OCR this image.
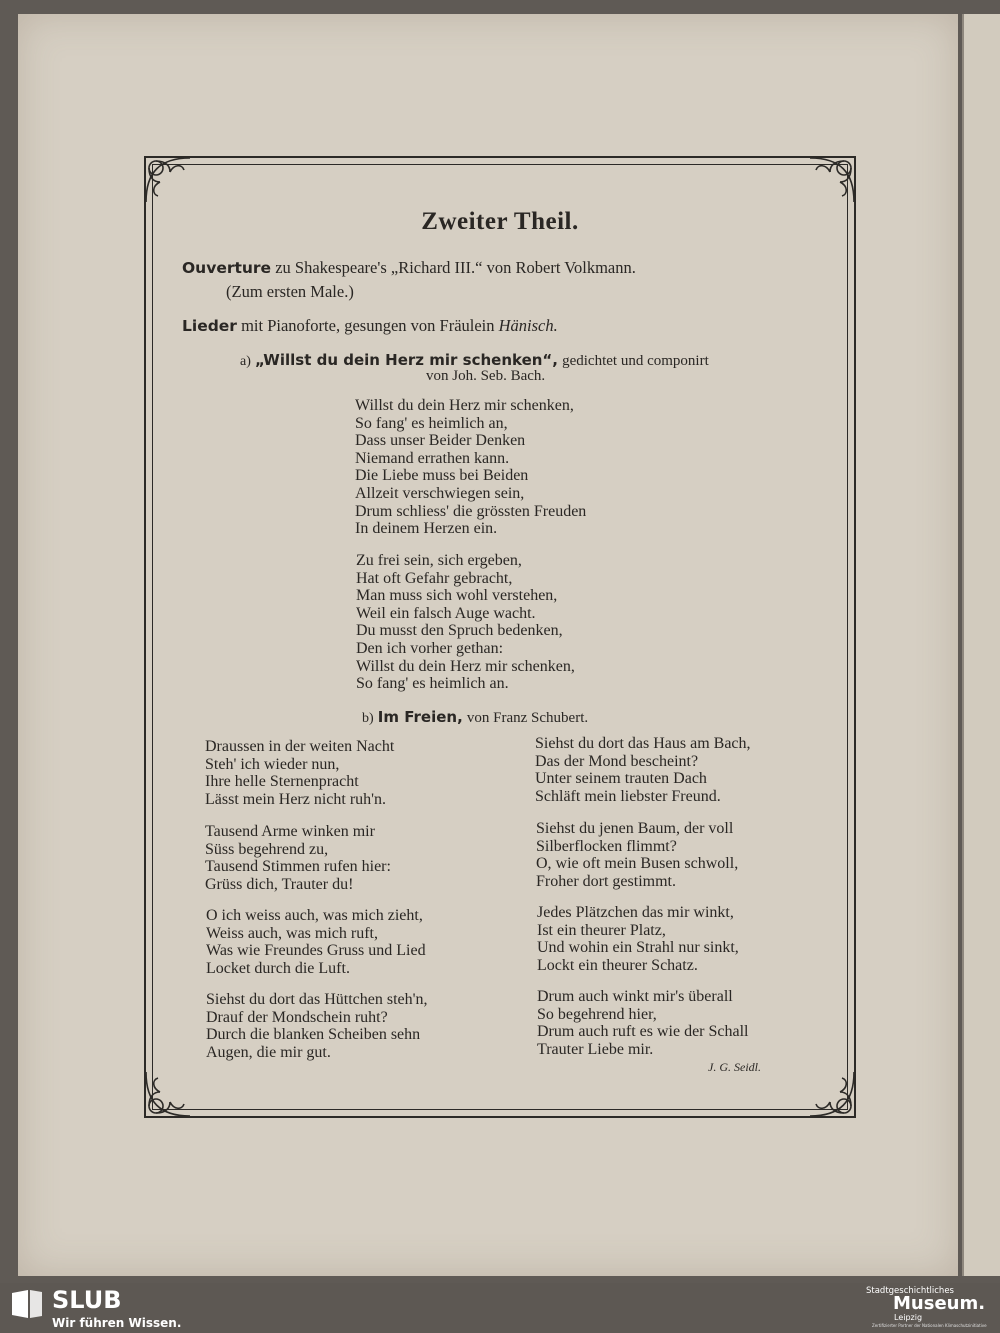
Zweiter Theil.
Ouverture zu Shakespeare's „Richard III.“ von Robert Volkmann.
(Zum ersten Male.)
Lieder mit Pianoforte, gesungen von Fräulein Hänisch.
a) „Willst du dein Herz mir schenken“, gedichtet und componirt
von Joh. Seb. Bach.
Willst du dein Herz mir schenken,
So fang' es heimlich an,
Dass unser Beider Denken
Niemand errathen kann.
Die Liebe muss bei Beiden
Allzeit verschwiegen sein,
Drum schliess' die grössten Freuden
In deinem Herzen ein.
Zu frei sein, sich ergeben,
Hat oft Gefahr gebracht,
Man muss sich wohl verstehen,
Weil ein falsch Auge wacht.
Du musst den Spruch bedenken,
Den ich vorher gethan:
Willst du dein Herz mir schenken,
So fang' es heimlich an.
b) Im Freien, von Franz Schubert.
Draussen in der weiten Nacht
Steh' ich wieder nun,
Ihre helle Sternenpracht
Lässt mein Herz nicht ruh'n.
Tausend Arme winken mir
Süss begehrend zu,
Tausend Stimmen rufen hier:
Grüss dich, Trauter du!
O ich weiss auch, was mich zieht,
Weiss auch, was mich ruft,
Was wie Freundes Gruss und Lied
Locket durch die Luft.
Siehst du dort das Hüttchen steh'n,
Drauf der Mondschein ruht?
Durch die blanken Scheiben sehn
Augen, die mir gut.
Siehst du dort das Haus am Bach,
Das der Mond bescheint?
Unter seinem trauten Dach
Schläft mein liebster Freund.
Siehst du jenen Baum, der voll
Silberflocken flimmt?
O, wie oft mein Busen schwoll,
Froher dort gestimmt.
Jedes Plätzchen das mir winkt,
Ist ein theurer Platz,
Und wohin ein Strahl nur sinkt,
Lockt ein theurer Schatz.
Drum auch winkt mir's überall
So begehrend hier,
Drum auch ruft es wie der Schall
Trauter Liebe mir.
J. G. Seidl.
SLUB
Wir führen Wissen.
Stadtgeschichtliches
Museum.
Leipzig
Zertifizierter Partner der Nationalen Klimaschutzinitiative
